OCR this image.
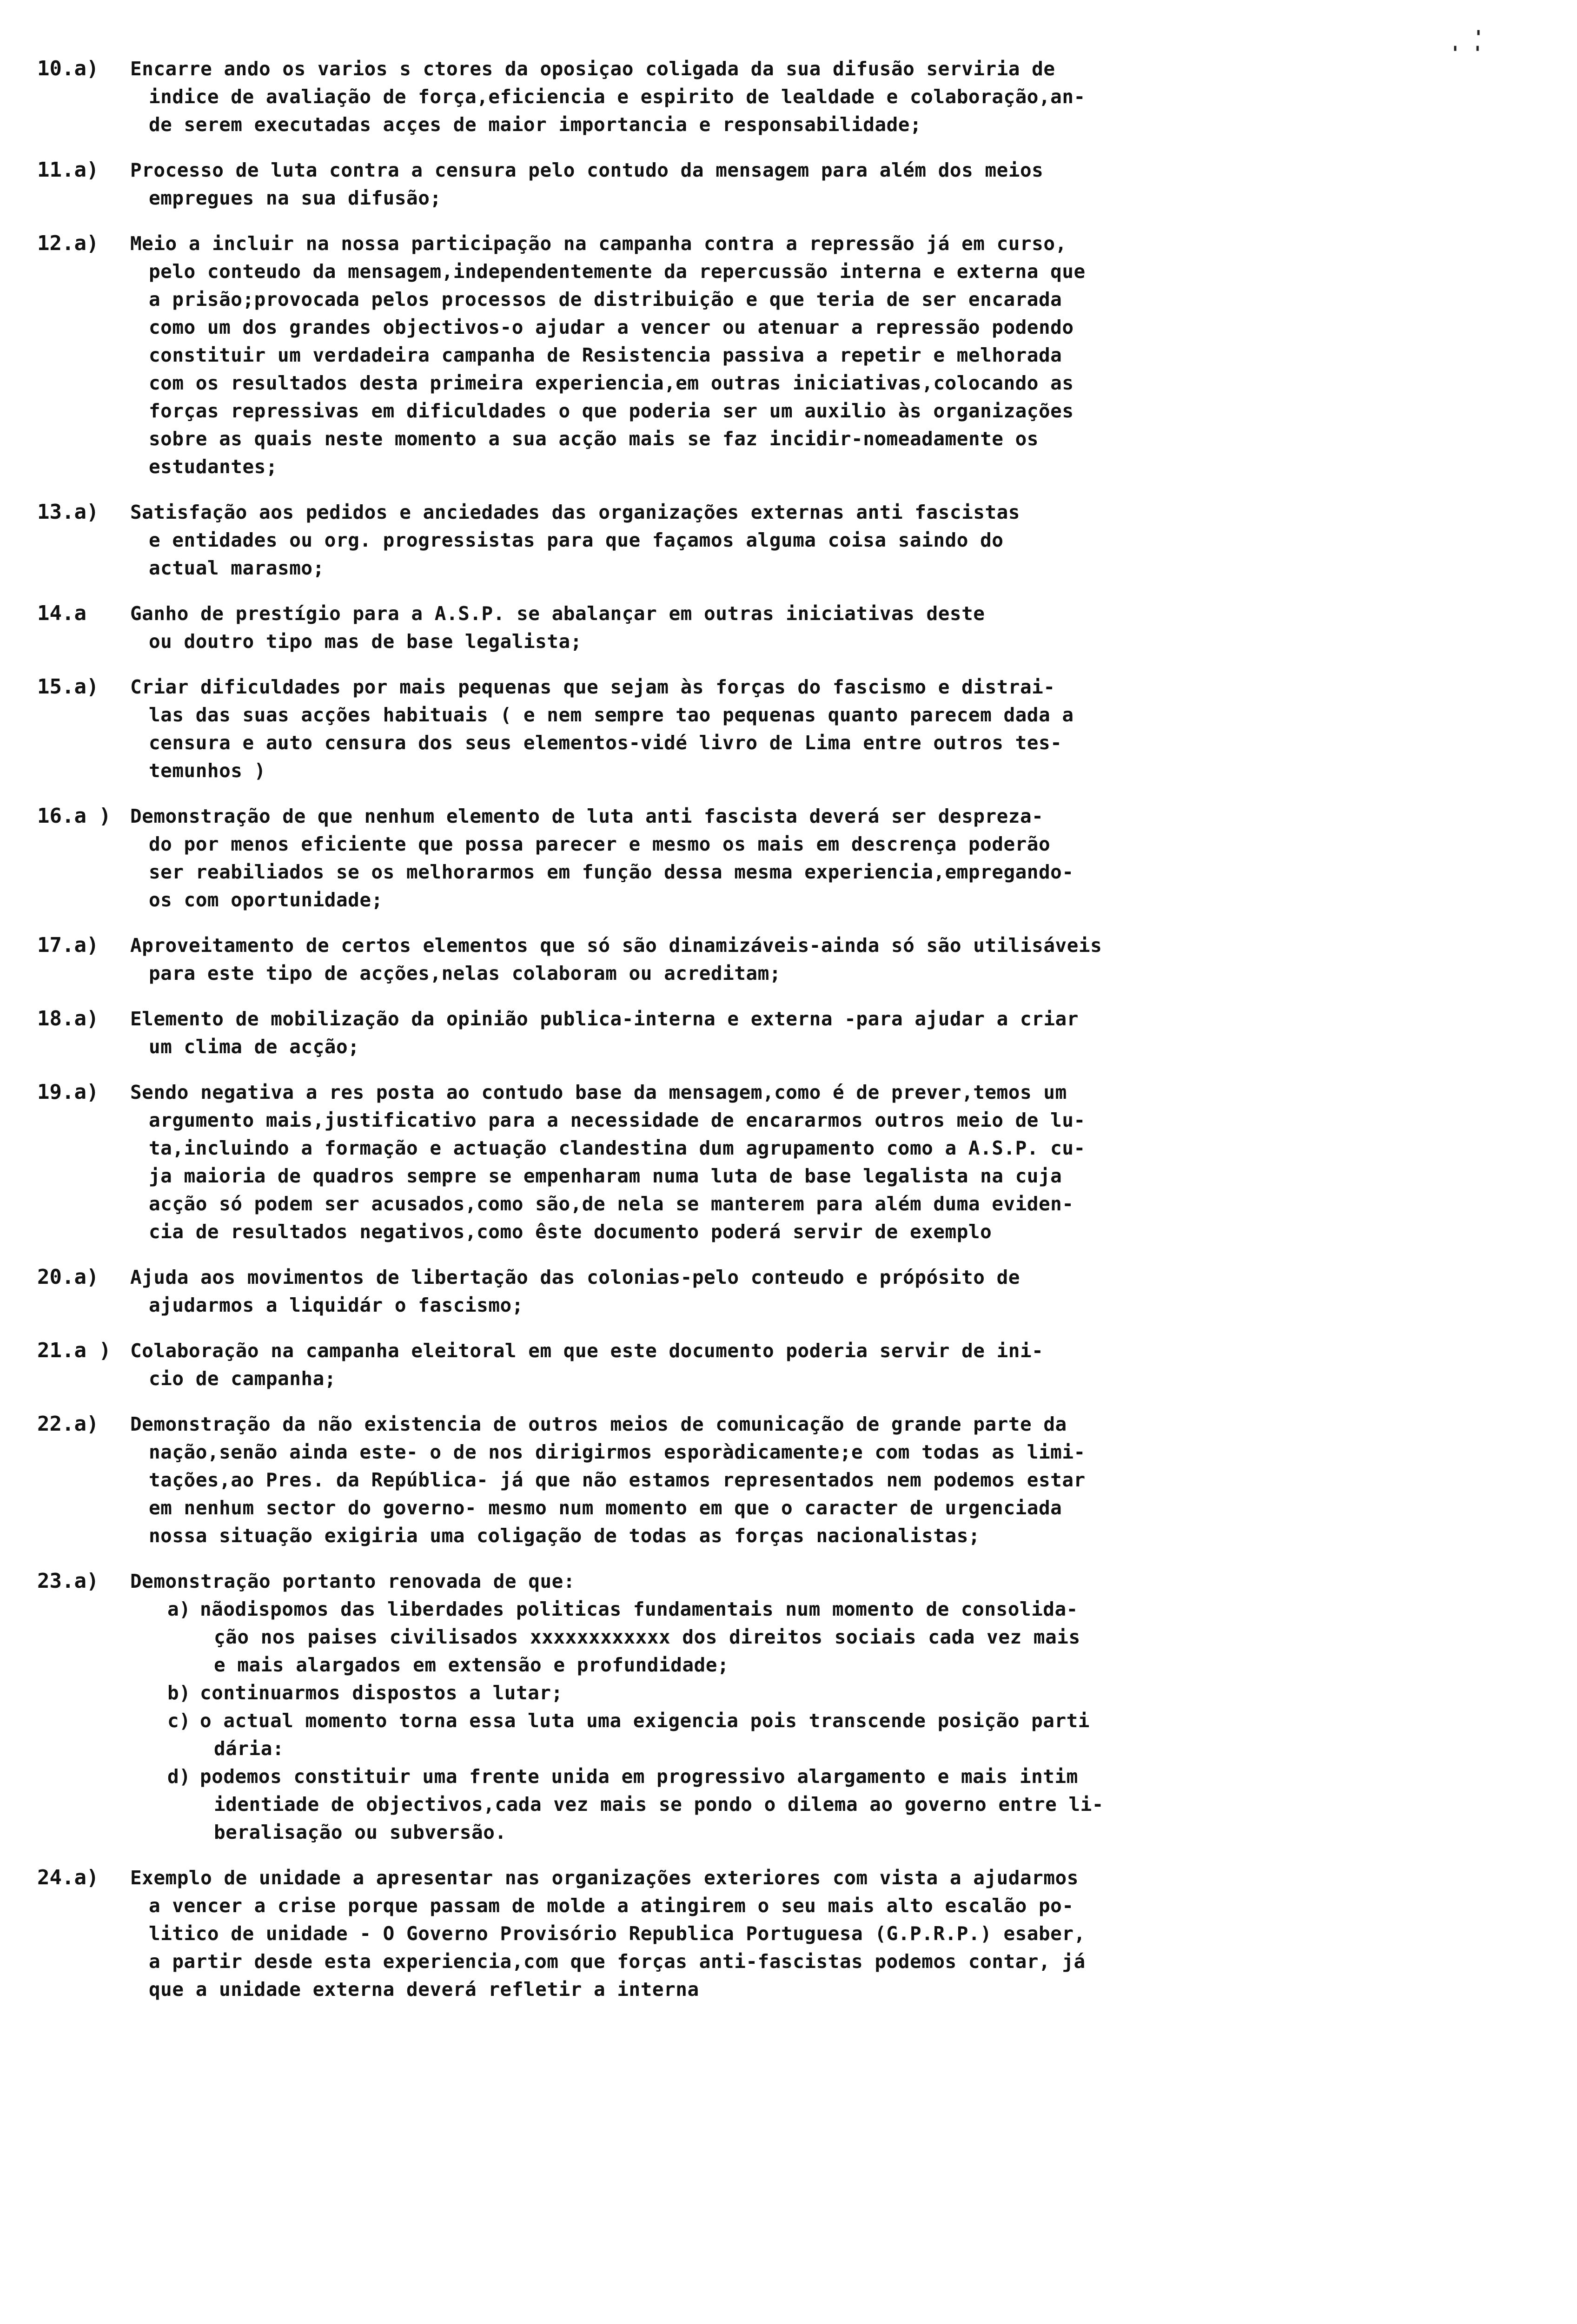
' '
'
10.a)	Encarre ando os varios s ctores da oposiçao coligada da sua difusão serviria de
indice de avaliação de força,eficiencia e espirito de lealdade e colaboração,an-
de serem executadas acçes de maior importancia e responsabilidade;
11.a)	Processo de luta contra a censura pelo contudo da mensagem para além dos meios
empregues na sua difusão;
12.a)	Meio a incluir na nossa participação na campanha contra a repressão já em curso,
pelo conteudo da mensagem,independentemente da repercussão interna e externa que
a prisão;provocada pelos processos de distribuição e que teria de ser encarada
como um dos grandes objectivos-o ajudar a vencer ou atenuar a repressão podendo
constituir um verdadeira campanha de Resistencia passiva a repetir e melhorada
com os resultados desta primeira experiencia,em outras iniciativas,colocando as
forças repressivas em dificuldades o que poderia ser um auxilio às organizações
sobre as quais neste momento a sua acção mais se faz incidir-nomeadamente os
estudantes;
13.a)	Satisfação aos pedidos e anciedades das organizações externas anti fascistas
e entidades ou org. progressistas para que façamos alguma coisa saindo do
actual marasmo;
14.a	Ganho de prestígio para a A.S.P. se abalançar em outras iniciativas deste
ou doutro tipo mas de base legalista;
15.a)	Criar dificuldades por mais pequenas que sejam às forças do fascismo e distrai-
las das suas acções habituais ( e nem sempre tao pequenas quanto parecem dada a
censura e auto censura dos seus elementos-vidé livro de Lima entre outros tes-
temunhos )
16.a )	Demonstração de que nenhum elemento de luta anti fascista deverá ser despreza-
do por menos eficiente que possa parecer e mesmo os mais em descrença poderão
ser reabiliados se os melhorarmos em função dessa mesma experiencia,empregando-
os com oportunidade;
17.a)	Aproveitamento de certos elementos que só são dinamizáveis-ainda só são utilisáveis
para este tipo de acções,nelas colaboram ou acreditam;
18.a)	Elemento de mobilização da opinião publica-interna e externa -para ajudar a criar
um clima de acção;
19.a)	Sendo negativa a res posta ao contudo base da mensagem,como é de prever,temos um
argumento mais,justificativo para a necessidade de encararmos outros meio de lu-
ta,incluindo a formação e actuação clandestina dum agrupamento como a A.S.P. cu-
ja maioria de quadros sempre se empenharam numa luta de base legalista na cuja
acção só podem ser acusados,como são,de nela se manterem para além duma eviden-
cia de resultados negativos,como êste documento poderá servir de exemplo
20.a)	Ajuda aos movimentos de libertação das colonias-pelo conteudo e própósito de
ajudarmos a liquidár o fascismo;
21.a )	Colaboração na campanha eleitoral em que este documento poderia servir de ini-
cio de campanha;
22.a)	Demonstração da não existencia de outros meios de comunicação de grande parte da
nação,senão ainda este- o de nos dirigirmos esporàdicamente;e com todas as limi-
tações,ao Pres. da República- já que não estamos representados nem podemos estar
em nenhum sector do governo- mesmo num momento em que o caracter de urgenciada
nossa situação exigiria uma coligação de todas as forças nacionalistas;
23.a)	Demonstração portanto renovada de que:
a) nãodispomos das liberdades politicas fundamentais num momento de consolida-
ção nos paises civilisados xxxxxxxxxxxx dos direitos sociais cada vez mais
e mais alargados em extensão e profundidade;
b) continuarmos dispostos a lutar;
c) o actual momento torna essa luta uma exigencia pois transcende posição parti
dária:
d) podemos constituir uma frente unida em progressivo alargamento e mais intim
identiade de objectivos,cada vez mais se pondo o dilema ao governo entre li-
beralisação ou subversão.
24.a)	Exemplo de unidade a apresentar nas organizações exteriores com vista a ajudarmos
a vencer a crise porque passam de molde a atingirem o seu mais alto escalão po-
litico de unidade - O Governo Provisório Republica Portuguesa (G.P.R.P.) esaber,
a partir desde esta experiencia,com que forças anti-fascistas podemos contar, já
que a unidade externa deverá refletir a interna
